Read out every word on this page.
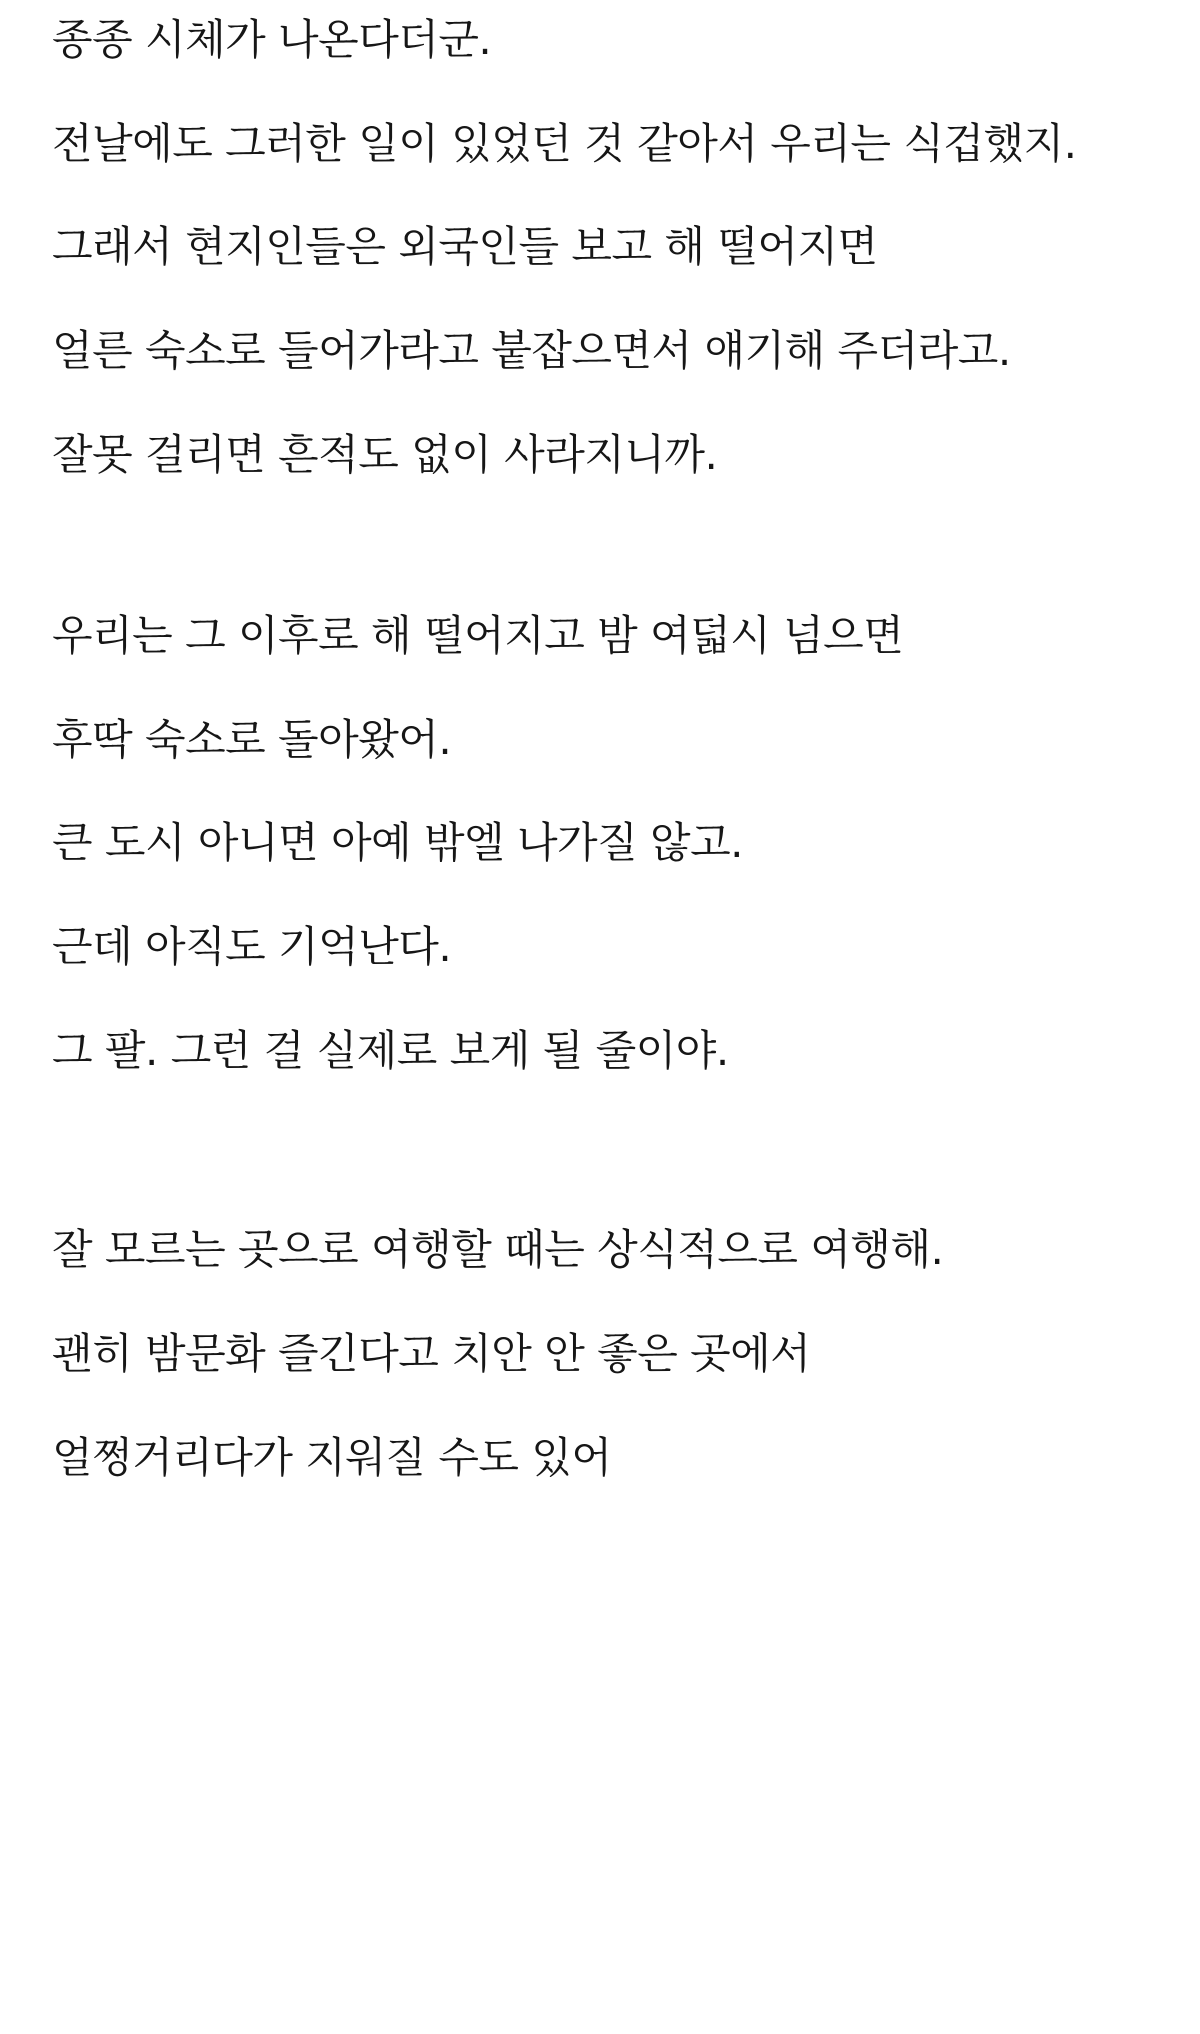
종종 시체가 나온다더군.

전날에도 그러한 일이 있었던 것 같아서 우리는 식겁했지.

그래서 현지인들은 외국인들 보고 해 떨어지면

얼른 숙소로 들어가라고 붙잡으면서 얘기해 주더라고.

잘못 걸리면 흔적도 없이 사라지니까.

우리는 그 이후로 해 떨어지고 밤 여덟시 넘으면

후딱 숙소로 돌아왔어.

큰 도시 아니면 아예 밖엘 나가질 않고.

근데 아직도 기억난다.

그 팔. 그런 걸 실제로 보게 될 줄이야.

잘 모르는 곳으로 여행할 때는 상식적으로 여행해.

괜히 밤문화 즐긴다고 치안 안 좋은 곳에서

얼쩡거리다가 지워질 수도 있어
